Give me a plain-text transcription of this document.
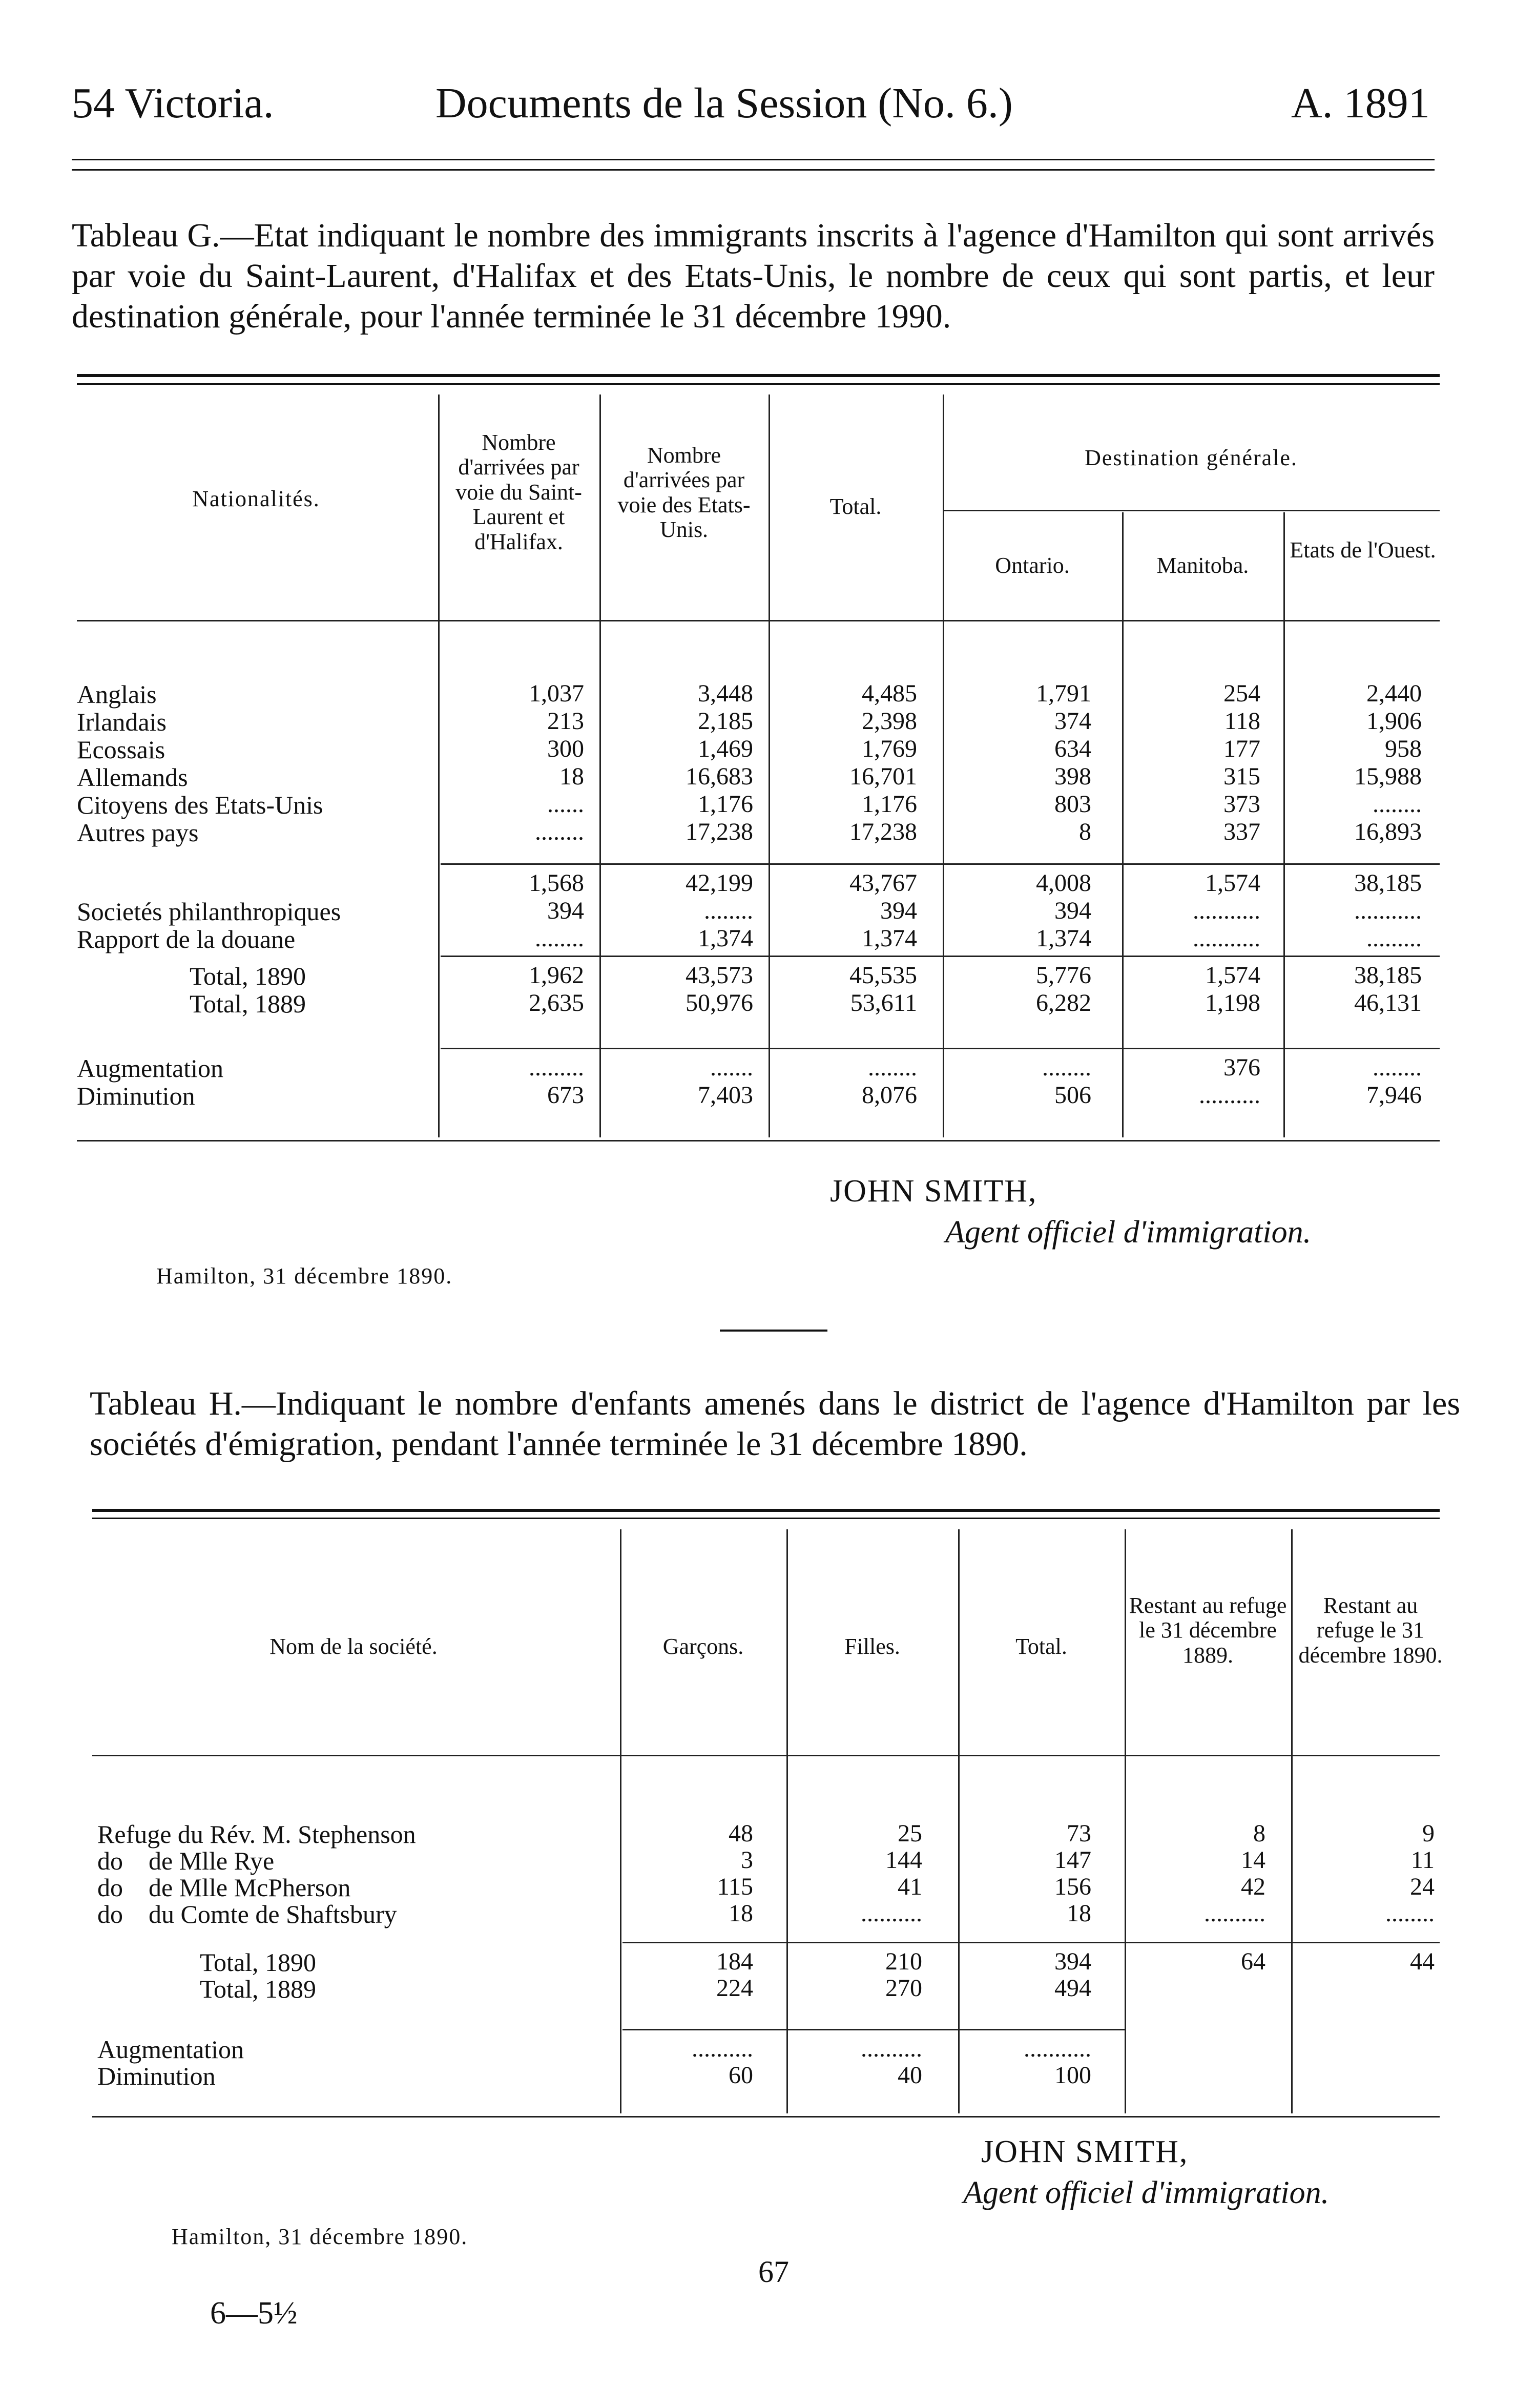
54 Victoria.	Documents de la Session (No. 6.)	A. 1891
Tableau G.—Etat indiquant le nombre des immigrants inscrits à l'agence d'Hamilton qui sont arrivés par voie du Saint-Laurent, d'Halifax et des Etats-Unis, le nombre de ceux qui sont partis, et leur destination générale, pour l'année terminée le 31 décembre 1990.
Nationalités.
Nombre d'arrivées par voie du Saint-Laurent et d'Halifax.
Nombre d'arrivées par voie des Etats-Unis.
Total.
Destination générale.
Ontario.	Manitoba.
Etats de l'Ouest.
Anglais	1,037	3,448	4,485	1,791	254	2,440
Irlandais	213	2,185	2,398	374	118	1,906
Ecossais	300	1,469	1,769	634	177	958
Allemands	18	16,683	16,701	398	315	15,988
Citoyens des Etats-Unis	......	1,176	1,176	803	373	........
Autres pays	........	17,238	17,238	8	337	16,893
1,568	42,199	43,767	4,008	1,574	38,185
Societés philanthropiques	394	........	394	394	...........	...........
Rapport de la douane	........	1,374	1,374	1,374	...........	.........
Total, 1890	1,962	43,573	45,535	5,776	1,574	38,185
Total, 1889	2,635	50,976	53,611	6,282	1,198	46,131
Augmentation	.........	.......	........	........	376	........
Diminution	673	7,403	8,076	506	..........	7,946
JOHN SMITH,
Agent officiel d'immigration.
Hamilton, 31 décembre 1890.
Tableau H.—Indiquant le nombre d'enfants amenés dans le district de l'agence d'Hamilton par les sociétés d'émigration, pendant l'année terminée le 31 décembre 1890.
Nom de la société.	Garçons.	Filles.	Total.
Restant au refuge le 31 décembre 1889.
Restant au refuge le 31 décembre 1890.
Refuge du Rév. M. Stephenson	48	25	73	8	9
do    de Mlle Rye	3	144	147	14	11
do    de Mlle McPherson	115	41	156	42	24
do    du Comte de Shaftsbury	18	..........	18	..........	........
Total, 1890	184	210	394	64	44
Total, 1889	224	270	494
Augmentation	..........	..........	...........
Diminution	60	40	100
JOHN SMITH,
Agent officiel d'immigration.
Hamilton, 31 décembre 1890.
67
6—5½
